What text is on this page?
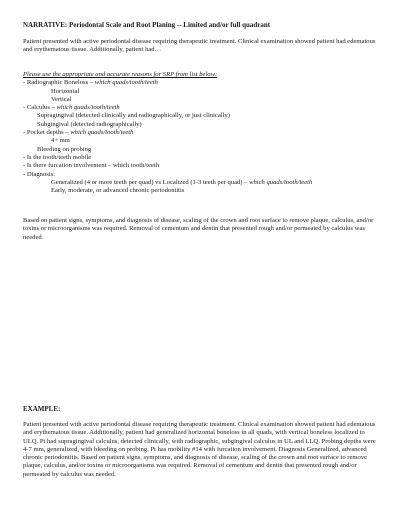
NARRATIVE: Periodontal Scale and Root Planing -- Limited and/or full quadrant

Patient presented with active periodontal disease requiring therapeutic treatment. Clinical examination showed patient had edematous and erythematous tissue. Additionally, patient had…

Please use the appropriate and accurate reasons for SRP from list below:
- Radiographic Boneloss – which quads/tooth/teeth
Horizontal
Vertical
- Calculus – which quads/tooth/teeth
Supragingival (detected clinically and radiographically, or just clinically)
Subgingival (detected radiographically)
- Pocket depths – which quads/tooth/teeth
4+ mm
Bleeding on probing
- Is the tooth/teeth mobile
- Is there furcation involvement – which tooth/teeth
- Diagnosis:
Generalized (4 or more teeth per quad) vs Localized (1-3 teeth per quad) – which quads/tooth/teeth
Early, moderate, or advanced chronic periodontitis

Based on patient signs, symptoms, and diagnosis of disease, scaling of the crown and root surface to remove plaque, calculus, and/or toxins or microorganisms was required. Removal of cementum and dentin that presented rough and/or permeated by calculus was needed.

EXAMPLE:

Patient presented with active periodontal disease requiring therapeutic treatment. Clinical examination showed patient had edematous and erythematous tissue. Additionally, patient had generalized horizontal boneloss in all quads, with vertical boneless localized to ULQ. Pt had supragingival calculus, detected clinically, with radiographic, subgingival calculus in UL and LLQ. Probing depths were 4-7 mm, generalized, with bleeding on probing. Pt has mobility #14 with furcation involvement. Diagnosis Generalized, advanced chronic periodontitis. Based on patient signs, symptoms, and diagnosis of disease, scaling of the crown and root surface to remove plaque, calculus, and/or toxins or microorganisms was required. Removal of cementum and dentin that presented rough and/or permeated by calculus was needed.
